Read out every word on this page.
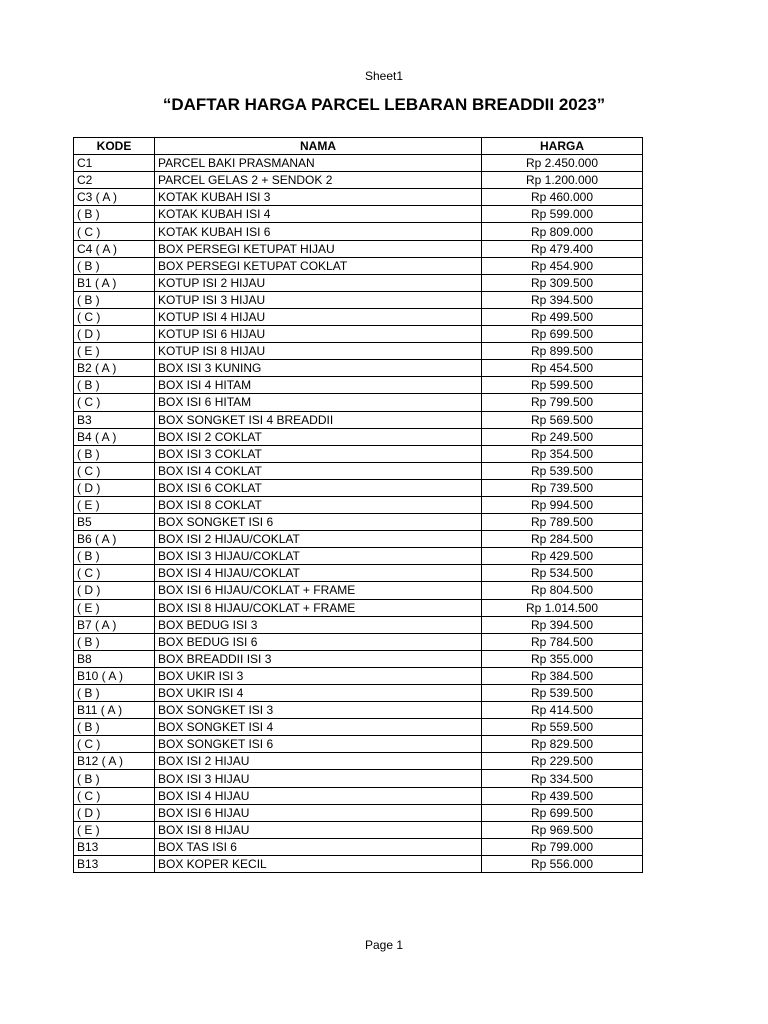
Sheet1
“DAFTAR HARGA PARCEL LEBARAN BREADDII 2023”
KODE	NAMA	HARGA
C1	PARCEL BAKI PRASMANAN	Rp 2.450.000
C2	PARCEL GELAS 2 + SENDOK 2	Rp 1.200.000
C3 ( A )	KOTAK KUBAH ISI 3	Rp 460.000
( B )	KOTAK KUBAH ISI 4	Rp 599.000
( C )	KOTAK KUBAH ISI 6	Rp 809.000
C4 ( A )	BOX PERSEGI KETUPAT HIJAU	Rp 479.400
( B )	BOX PERSEGI KETUPAT COKLAT	Rp 454.900
B1 ( A )	KOTUP ISI 2 HIJAU	Rp 309.500
( B )	KOTUP ISI 3 HIJAU	Rp 394.500
( C )	KOTUP ISI 4 HIJAU	Rp 499.500
( D )	KOTUP ISI 6 HIJAU	Rp 699.500
( E )	KOTUP ISI 8 HIJAU	Rp 899.500
B2 ( A )	BOX ISI 3 KUNING	Rp 454.500
( B )	BOX ISI 4 HITAM	Rp 599.500
( C )	BOX ISI 6 HITAM	Rp 799.500
B3	BOX SONGKET ISI 4 BREADDII	Rp 569.500
B4 ( A )	BOX ISI 2 COKLAT	Rp 249.500
( B )	BOX ISI 3 COKLAT	Rp 354.500
( C )	BOX ISI 4 COKLAT	Rp 539.500
( D )	BOX ISI 6 COKLAT	Rp 739.500
( E )	BOX ISI 8 COKLAT	Rp 994.500
B5	BOX SONGKET ISI 6	Rp 789.500
B6 ( A )	BOX ISI 2 HIJAU/COKLAT	Rp 284.500
( B )	BOX ISI 3 HIJAU/COKLAT	Rp 429.500
( C )	BOX ISI 4 HIJAU/COKLAT	Rp 534.500
( D )	BOX ISI 6 HIJAU/COKLAT + FRAME	Rp 804.500
( E )	BOX ISI 8 HIJAU/COKLAT + FRAME	Rp 1.014.500
B7 ( A )	BOX BEDUG ISI 3	Rp 394.500
( B )	BOX BEDUG ISI 6	Rp 784.500
B8	BOX BREADDII ISI 3	Rp 355.000
B10 ( A )	BOX UKIR ISI 3	Rp 384.500
( B )	BOX UKIR ISI 4	Rp 539.500
B11 ( A )	BOX SONGKET ISI 3	Rp 414.500
( B )	BOX SONGKET ISI 4	Rp 559.500
( C )	BOX SONGKET ISI 6	Rp 829.500
B12 ( A )	BOX ISI 2 HIJAU	Rp 229.500
( B )	BOX ISI 3 HIJAU	Rp 334.500
( C )	BOX ISI 4 HIJAU	Rp 439.500
( D )	BOX ISI 6 HIJAU	Rp 699.500
( E )	BOX ISI 8 HIJAU	Rp 969.500
B13	BOX TAS ISI 6	Rp 799.000
B13	BOX KOPER KECIL	Rp 556.000
Page 1
